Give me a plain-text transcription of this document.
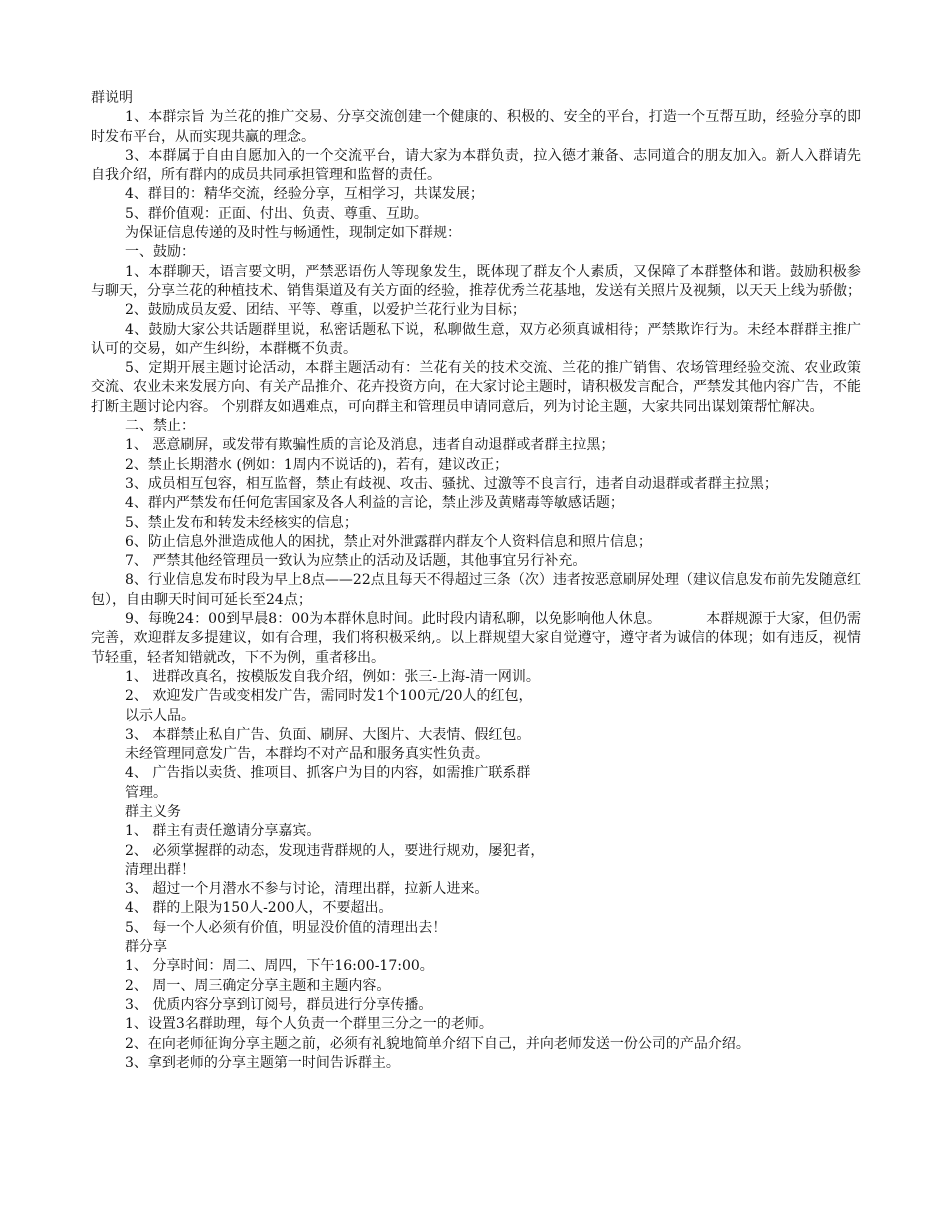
群说明

1、本群宗旨 为兰花的推广交易、分享交流创建一个健康的、积极的、安全的平台，打造一个互帮互助，经验分享的即时发布平台，从而实现共赢的理念。

3、本群属于自由自愿加入的一个交流平台，请大家为本群负责，拉入德才兼备、志同道合的朋友加入。新人入群请先自我介绍，所有群内的成员共同承担管理和监督的责任。

4、群目的：精华交流，经验分享，互相学习，共谋发展；

5、群价值观：正面、付出、负责、尊重、互助。

为保证信息传递的及时性与畅通性，现制定如下群规：

一、鼓励：

1、本群聊天，语言要文明，严禁恶语伤人等现象发生，既体现了群友个人素质，又保障了本群整体和谐。鼓励积极参与聊天，分享兰花的种植技术、销售渠道及有关方面的经验，推荐优秀兰花基地，发送有关照片及视频，以天天上线为骄傲；

2、鼓励成员友爱、团结、平等、尊重，以爱护兰花行业为目标；

4、鼓励大家公共话题群里说，私密话题私下说，私聊做生意，双方必须真诚相待；严禁欺诈行为。未经本群群主推广认可的交易，如产生纠纷，本群概不负责。

5、定期开展主题讨论活动，本群主题活动有：兰花有关的技术交流、兰花的推广销售、农场管理经验交流、农业政策交流、农业未来发展方向、有关产品推介、花卉投资方向，在大家讨论主题时，请积极发言配合，严禁发其他内容广告，不能打断主题讨论内容。 个别群友如遇难点，可向群主和管理员申请同意后，列为讨论主题，大家共同出谋划策帮忙解决。

二、禁止：

1、 恶意刷屏，或发带有欺骗性质的言论及消息，违者自动退群或者群主拉黑；

2、禁止长期潜水 (例如：1周内不说话的)，若有，建议改正；

3、成员相互包容，相互监督，禁止有歧视、攻击、骚扰、过激等不良言行，违者自动退群或者群主拉黑；

4、群内严禁发布任何危害国家及各人利益的言论，禁止涉及黄赌毒等敏感话题；

5、禁止发布和转发未经核实的信息；

6、防止信息外泄造成他人的困扰，禁止对外泄露群内群友个人资料信息和照片信息；

7、 严禁其他经管理员一致认为应禁止的活动及话题，其他事宜另行补充。

8、行业信息发布时段为早上8点——22点且每天不得超过三条（次）违者按恶意刷屏处理（建议信息发布前先发随意红包），自由聊天时间可延长至24点；

9、每晚24：00到早晨8：00为本群休息时间。此时段内请私聊，以免影响他人休息。          本群规源于大家，但仍需完善，欢迎群友多提建议，如有合理，我们将积极采纳,。以上群规望大家自觉遵守，遵守者为诚信的体现；如有违反，视情节轻重，轻者知错就改，下不为例，重者移出。

1、 进群改真名，按模版发自我介绍，例如：张三-上海-清一网训。

2、 欢迎发广告或变相发广告，需同时发1个100元/20人的红包，

以示人品。

3、 本群禁止私自广告、负面、刷屏、大图片、大表情、假红包。

未经管理同意发广告，本群均不对产品和服务真实性负责。

4、 广告指以卖货、推项目、抓客户为目的内容，如需推广联系群

管理。

群主义务

1、 群主有责任邀请分享嘉宾。

2、 必须掌握群的动态，发现违背群规的人，要进行规劝，屡犯者，

清理出群！

3、 超过一个月潜水不参与讨论，清理出群，拉新人进来。

4、 群的上限为150人-200人，不要超出。

5、 每一个人必须有价值，明显没价值的清理出去！

群分享

1、 分享时间：周二、周四，下午16:00-17:00。

2、 周一、周三确定分享主题和主题内容。

3、 优质内容分享到订阅号，群员进行分享传播。

1、设置3名群助理，每个人负责一个群里三分之一的老师。

2、在向老师征询分享主题之前，必须有礼貌地简单介绍下自己，并向老师发送一份公司的产品介绍。

3、拿到老师的分享主题第一时间告诉群主。
